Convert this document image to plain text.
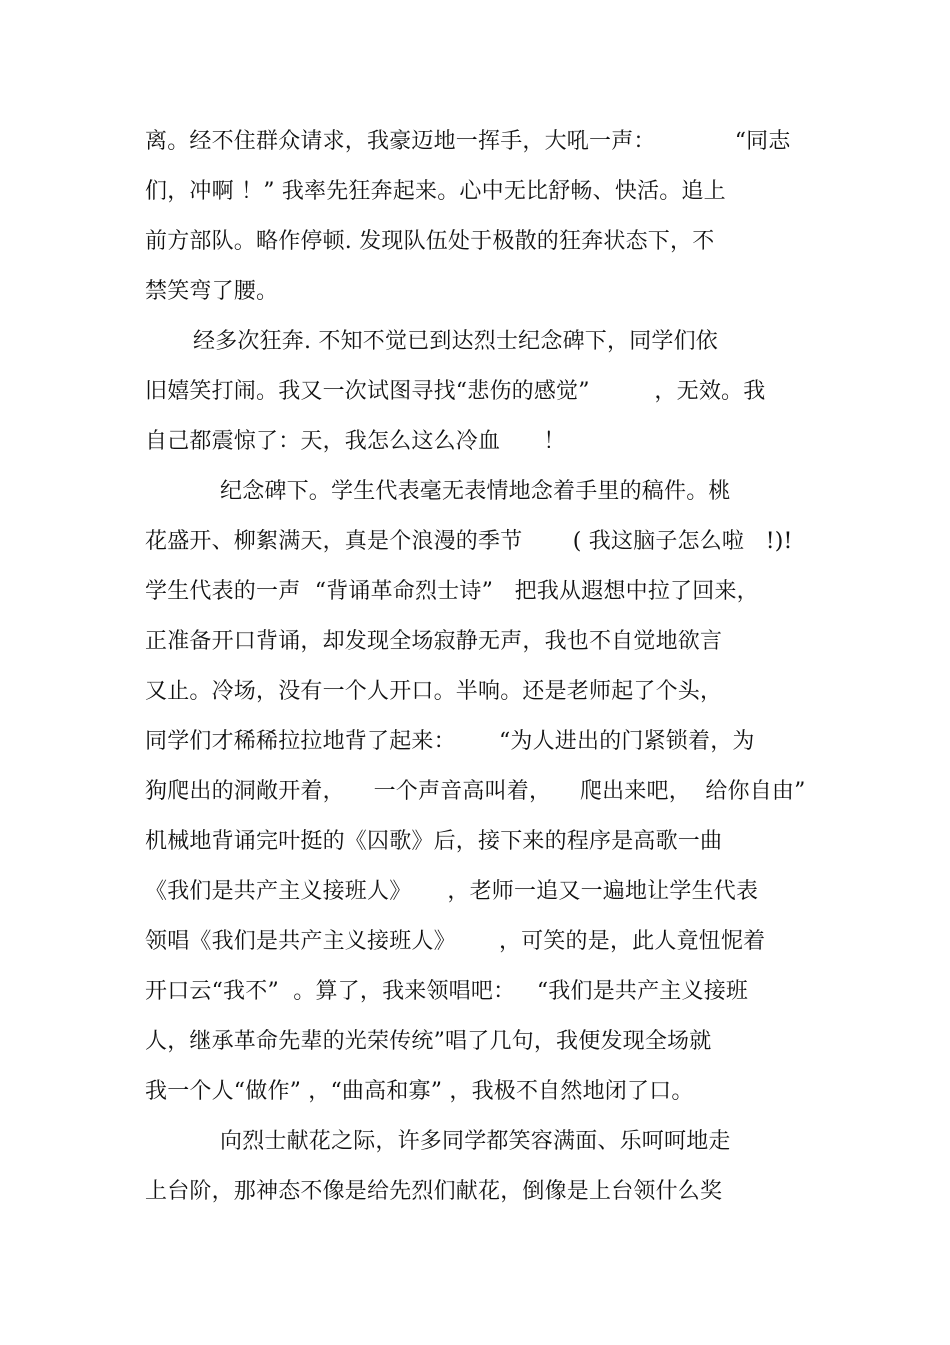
离。经不住群众请求，我豪迈地一挥手，大吼一声：           “同志
们，冲啊 ！” 我率先狂奔起来。心中无比舒畅、快活。追上
前方部队。略作停顿. 发现队伍处于极散的狂奔状态下，不
禁笑弯了腰。
经多次狂奔. 不知不觉已到达烈士纪念碑下，同学们依
旧嬉笑打闹。我又一次试图寻找“悲伤的感觉”         ，无效。我
自己都震惊了：天，我怎么这么冷血      ！
纪念碑下。学生代表毫无表情地念着手里的稿件。桃
花盛开、柳絮满天，真是个浪漫的季节       ( 我这脑子怎么啦   !)!
学生代表的一声  “背诵革命烈士诗”   把我从遐想中拉了回来，
正准备开口背诵，却发现全场寂静无声，我也不自觉地欲言
又止。冷场，没有一个人开口。半响。还是老师起了个头，
同学们才稀稀拉拉地背了起来：      “为人进出的门紧锁着，为
狗爬出的洞敞开着，    一个声音高叫着，    爬出来吧，  给你自由”
机械地背诵完叶挺的《囚歌》后，接下来的程序是高歌一曲
《我们是共产主义接班人》     ，老师一追又一遍地让学生代表
领唱《我们是共产主义接班人》      ，可笑的是，此人竟忸怩着
开口云“我不”  。算了，我来领唱吧：   “我们是共产主义接班
人，继承革命先辈的光荣传统”唱了几句，我便发现全场就
我一个人“做作” ，“曲高和寡” ，我极不自然地闭了口。
向烈士献花之际，许多同学都笑容满面、乐呵呵地走
上台阶，那神态不像是给先烈们献花，倒像是上台领什么奖
